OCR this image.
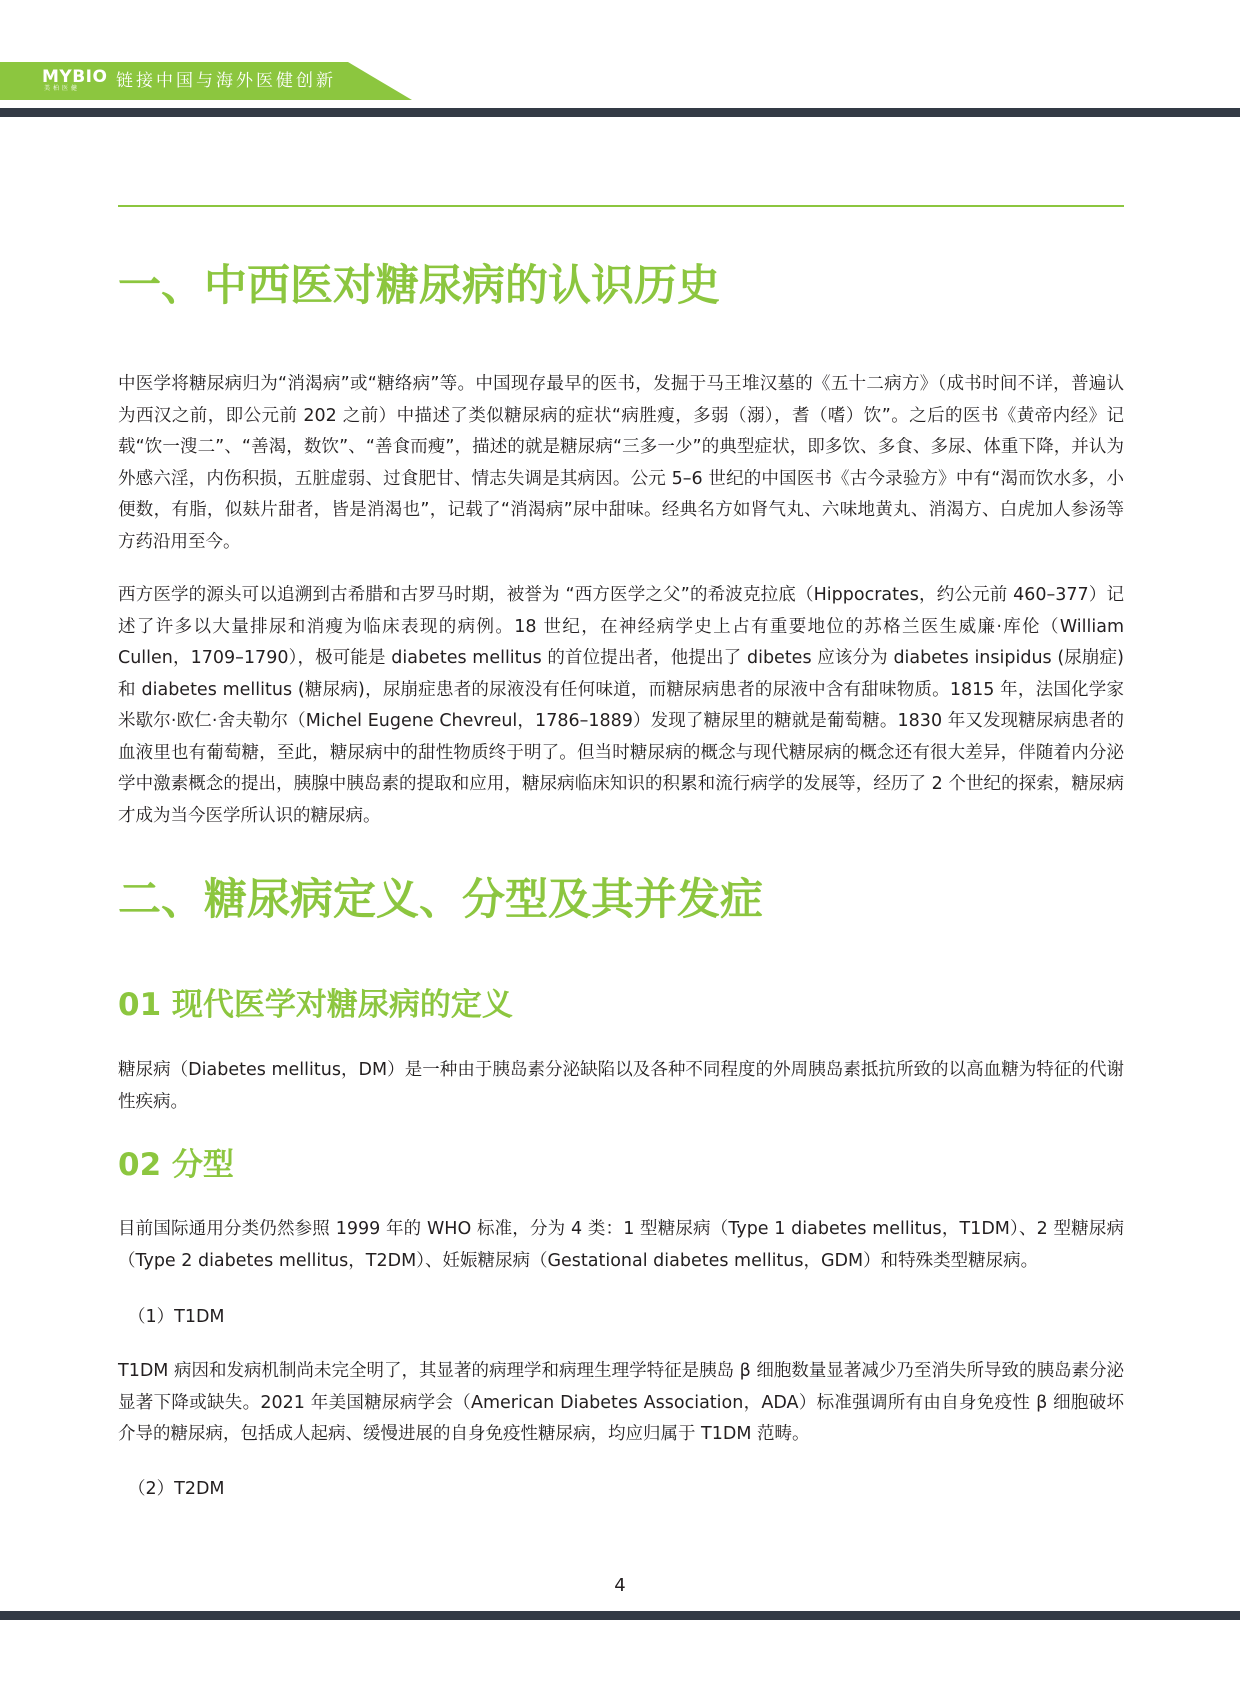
MYBIO
美柏医健 链接中国与海外医健创新
一、中西医对糖尿病的认识历史

中医学将糖尿病归为“消渴病”或“糖络病”等。中国现存最早的医书，发掘于马王堆汉墓的《五十二病方》（成书时间不详，普遍认为西汉之前，即公元前 202 之前）中描述了类似糖尿病的症状“病胜瘦，多弱（溺），耆（嗜）饮”。之后的医书《黄帝内经》记载“饮一溲二”、“善渴，数饮”、“善食而瘦”，描述的就是糖尿病“三多一少”的典型症状，即多饮、多食、多尿、体重下降，并认为外感六淫，内伤积损，五脏虚弱、过食肥甘、情志失调是其病因。公元 5–6 世纪的中国医书《古今录验方》中有“渴而饮水多，小便数，有脂，似麸片甜者，皆是消渴也”，记载了“消渴病”尿中甜味。经典名方如肾气丸、六味地黄丸、消渴方、白虎加人参汤等方药沿用至今。

西方医学的源头可以追溯到古希腊和古罗马时期，被誉为 “西方医学之父”的希波克拉底（Hippocrates，约公元前 460–377）记述了许多以大量排尿和消瘦为临床表现的病例。18 世纪，在神经病学史上占有重要地位的苏格兰医生威廉·库伦（William Cullen，1709–1790），极可能是 diabetes mellitus 的首位提出者，他提出了 dibetes 应该分为 diabetes insipidus (尿崩症) 和 diabetes mellitus (糖尿病)，尿崩症患者的尿液没有任何味道，而糖尿病患者的尿液中含有甜味物质。1815 年，法国化学家米歇尔·欧仁·舍夫勒尔（Michel Eugene Chevreul，1786–1889）发现了糖尿里的糖就是葡萄糖。1830 年又发现糖尿病患者的血液里也有葡萄糖，至此，糖尿病中的甜性物质终于明了。但当时糖尿病的概念与现代糖尿病的概念还有很大差异，伴随着内分泌学中激素概念的提出，胰腺中胰岛素的提取和应用，糖尿病临床知识的积累和流行病学的发展等，经历了 2 个世纪的探索，糖尿病才成为当今医学所认识的糖尿病。

二、糖尿病定义、分型及其并发症
01 现代医学对糖尿病的定义

糖尿病（Diabetes mellitus，DM）是一种由于胰岛素分泌缺陷以及各种不同程度的外周胰岛素抵抗所致的以高血糖为特征的代谢性疾病。

02 分型

目前国际通用分类仍然参照 1999 年的 WHO 标准，分为 4 类：1 型糖尿病（Type 1 diabetes mellitus，T1DM）、2 型糖尿病（Type 2 diabetes mellitus，T2DM）、妊娠糖尿病（Gestational diabetes mellitus，GDM）和特殊类型糖尿病。

（1）T1DM

T1DM 病因和发病机制尚未完全明了，其显著的病理学和病理生理学特征是胰岛 β 细胞数量显著减少乃至消失所导致的胰岛素分泌显著下降或缺失。2021 年美国糖尿病学会（American Diabetes Association，ADA）标准强调所有由自身免疫性 β 细胞破坏介导的糖尿病，包括成人起病、缓慢进展的自身免疫性糖尿病，均应归属于 T1DM 范畴。

（2）T2DM

4
